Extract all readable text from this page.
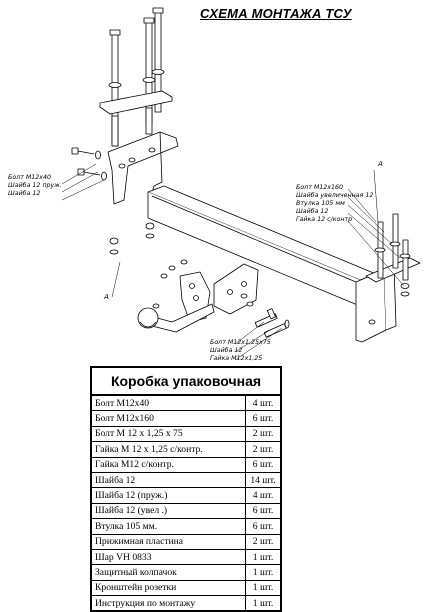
СХЕМА МОНТАЖА ТСУ
A
A
Болт M12x40
Шайба 12 пруж.
Шайба 12
Болт M12x160
Шайба увеличенная 12
Втулка 105 мм
Шайба 12
Гайка 12 с/контр
Болт M12x1,25x75
Шайба 12
Гайка M12x1,25
Коробка упаковочная	
Болт M12x40	4 шт.
Болт M12x160	6 шт.
Болт М 12 х 1,25 х 75	2 шт.
Гайка М 12 х 1,25 с/контр.	2 шт.
Гайка М12 с/контр.	6 шт.
Шайба 12	14 шт.
Шайба 12 (пруж.)	4 шт.
Шайба 12 (увел .)	6 шт.
Втулка 105 мм.	6 шт.
Прижимная пластина	2 шт.
Шар VH 0833	1 шт.
Защитный колпачок	1 шт.
Кронштейн розетки	1 шт.
Инструкция по монтажу	1 шт.
